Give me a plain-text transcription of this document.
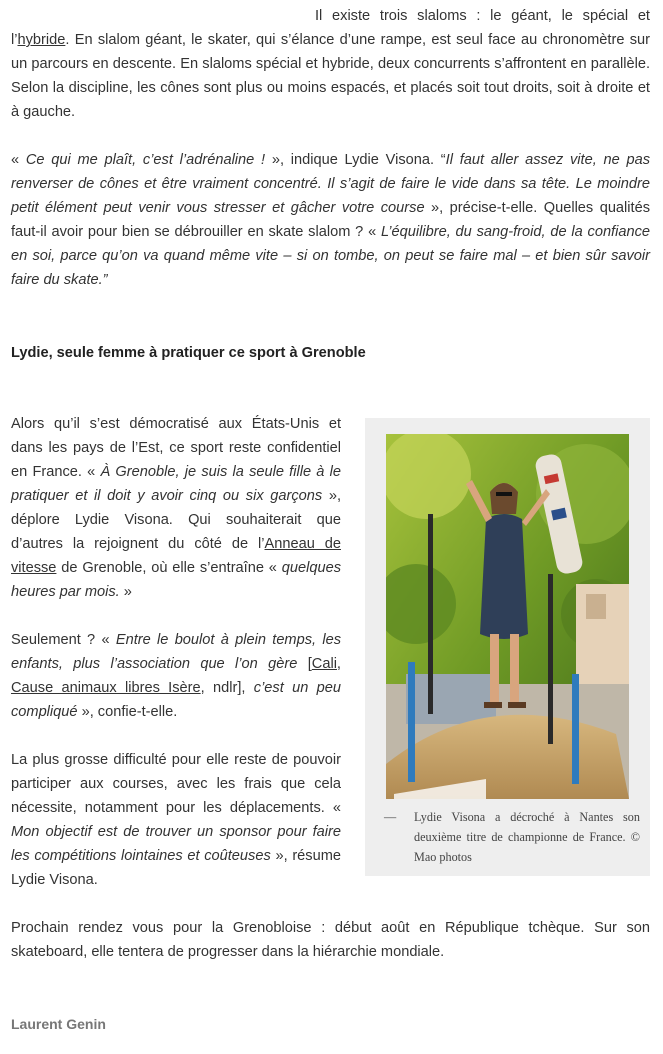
Il existe trois slaloms : le géant, le spécial et l’hybride. En slalom géant, le skater, qui s’élance d’une rampe, est seul face au chronomètre sur un parcours en descente. En slaloms spécial et hybride, deux concurrents s’affrontent en parallèle. Selon la discipline, les cônes sont plus ou moins espacés, et placés soit tout droits, soit à droite et à gauche.

« Ce qui me plaît, c’est l’adrénaline ! », indique Lydie Visona. “Il faut aller assez vite, ne pas renverser de cônes et être vraiment concentré. Il s’agit de faire le vide dans sa tête. Le moindre petit élément peut venir vous stresser et gâcher votre course », précise-t-elle. Quelles qualités faut-il avoir pour bien se débrouiller en skate slalom ? « L’équilibre, du sang-froid, de la confiance en soi, parce qu’on va quand même vite – si on tombe, on peut se faire mal – et bien sûr savoir faire du skate.”

Lydie, seule femme à pratiquer ce sport à Grenoble

Alors qu’il s’est démocratisé aux États-Unis et dans les pays de l’Est, ce sport reste confidentiel en France. « À Grenoble, je suis la seule fille à le pratiquer et il doit y avoir cinq ou six garçons », déplore Lydie Visona. Qui souhaiterait que d’autres la rejoignent du côté de l’Anneau de vitesse de Grenoble, où elle s’entraîne « quelques heures par mois. »

Seulement ? « Entre le boulot à plein temps, les enfants, plus l’association que l’on gère [Cali, Cause animaux libres Isère, ndlr], c’est un peu compliqué », confie-t-elle.

La plus grosse difficulté pour elle reste de pouvoir participer aux courses, avec les frais que cela nécessite, notamment pour les déplacements. « Mon objectif est de trouver un sponsor pour faire les compétitions lointaines et coûteuses », résume Lydie Visona.

— Lydie Visona a décroché à Nantes son deuxième titre de championne de France. © Mao photos

Prochain rendez vous pour la Grenobloise : début août en République tchèque. Sur son skateboard, elle tentera de progresser dans la hiérarchie mondiale.

Laurent Genin
